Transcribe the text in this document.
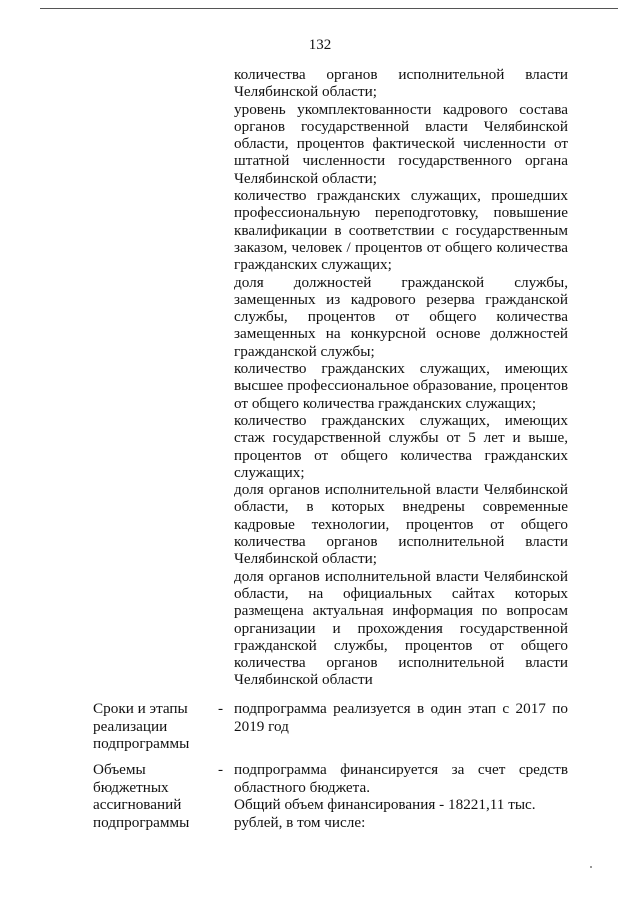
132

количества органов исполнительной власти

Челябинской области;

уровень укомплектованности кадрового состава

органов государственной власти Челябинской

области, процентов фактической численности от

штатной численности государственного органа

Челябинской области;

количество гражданских служащих, прошедших

профессиональную переподготовку, повышение

квалификации в соответствии с государственным

заказом, человек / процентов от общего количества

гражданских служащих;

доля должностей гражданской службы,

замещенных из кадрового резерва гражданской

службы, процентов от общего количества

замещенных на конкурсной основе должностей

гражданской службы;

количество гражданских служащих, имеющих

высшее профессиональное образование, процентов

от общего количества гражданских служащих;

количество гражданских служащих, имеющих

стаж государственной службы от 5 лет и выше,

процентов от общего количества гражданских

служащих;

доля органов исполнительной власти Челябинской

области, в которых внедрены современные

кадровые технологии, процентов от общего

количества органов исполнительной власти

Челябинской области;

доля органов исполнительной власти Челябинской

области, на официальных сайтах которых

размещена актуальная информация по вопросам

организации и прохождения государственной

гражданской службы, процентов от общего

количества органов исполнительной власти

Челябинской области

Сроки и этапы
реализации
подпрограммы
- подпрограмма реализуется в один этап с 2017 по

2019 год

Объемы
бюджетных
ассигнований
подпрограммы
- подпрограмма финансируется за счет средств

областного бюджета.

Общий объем финансирования - 18221,11 тыс.

рублей, в том числе:
